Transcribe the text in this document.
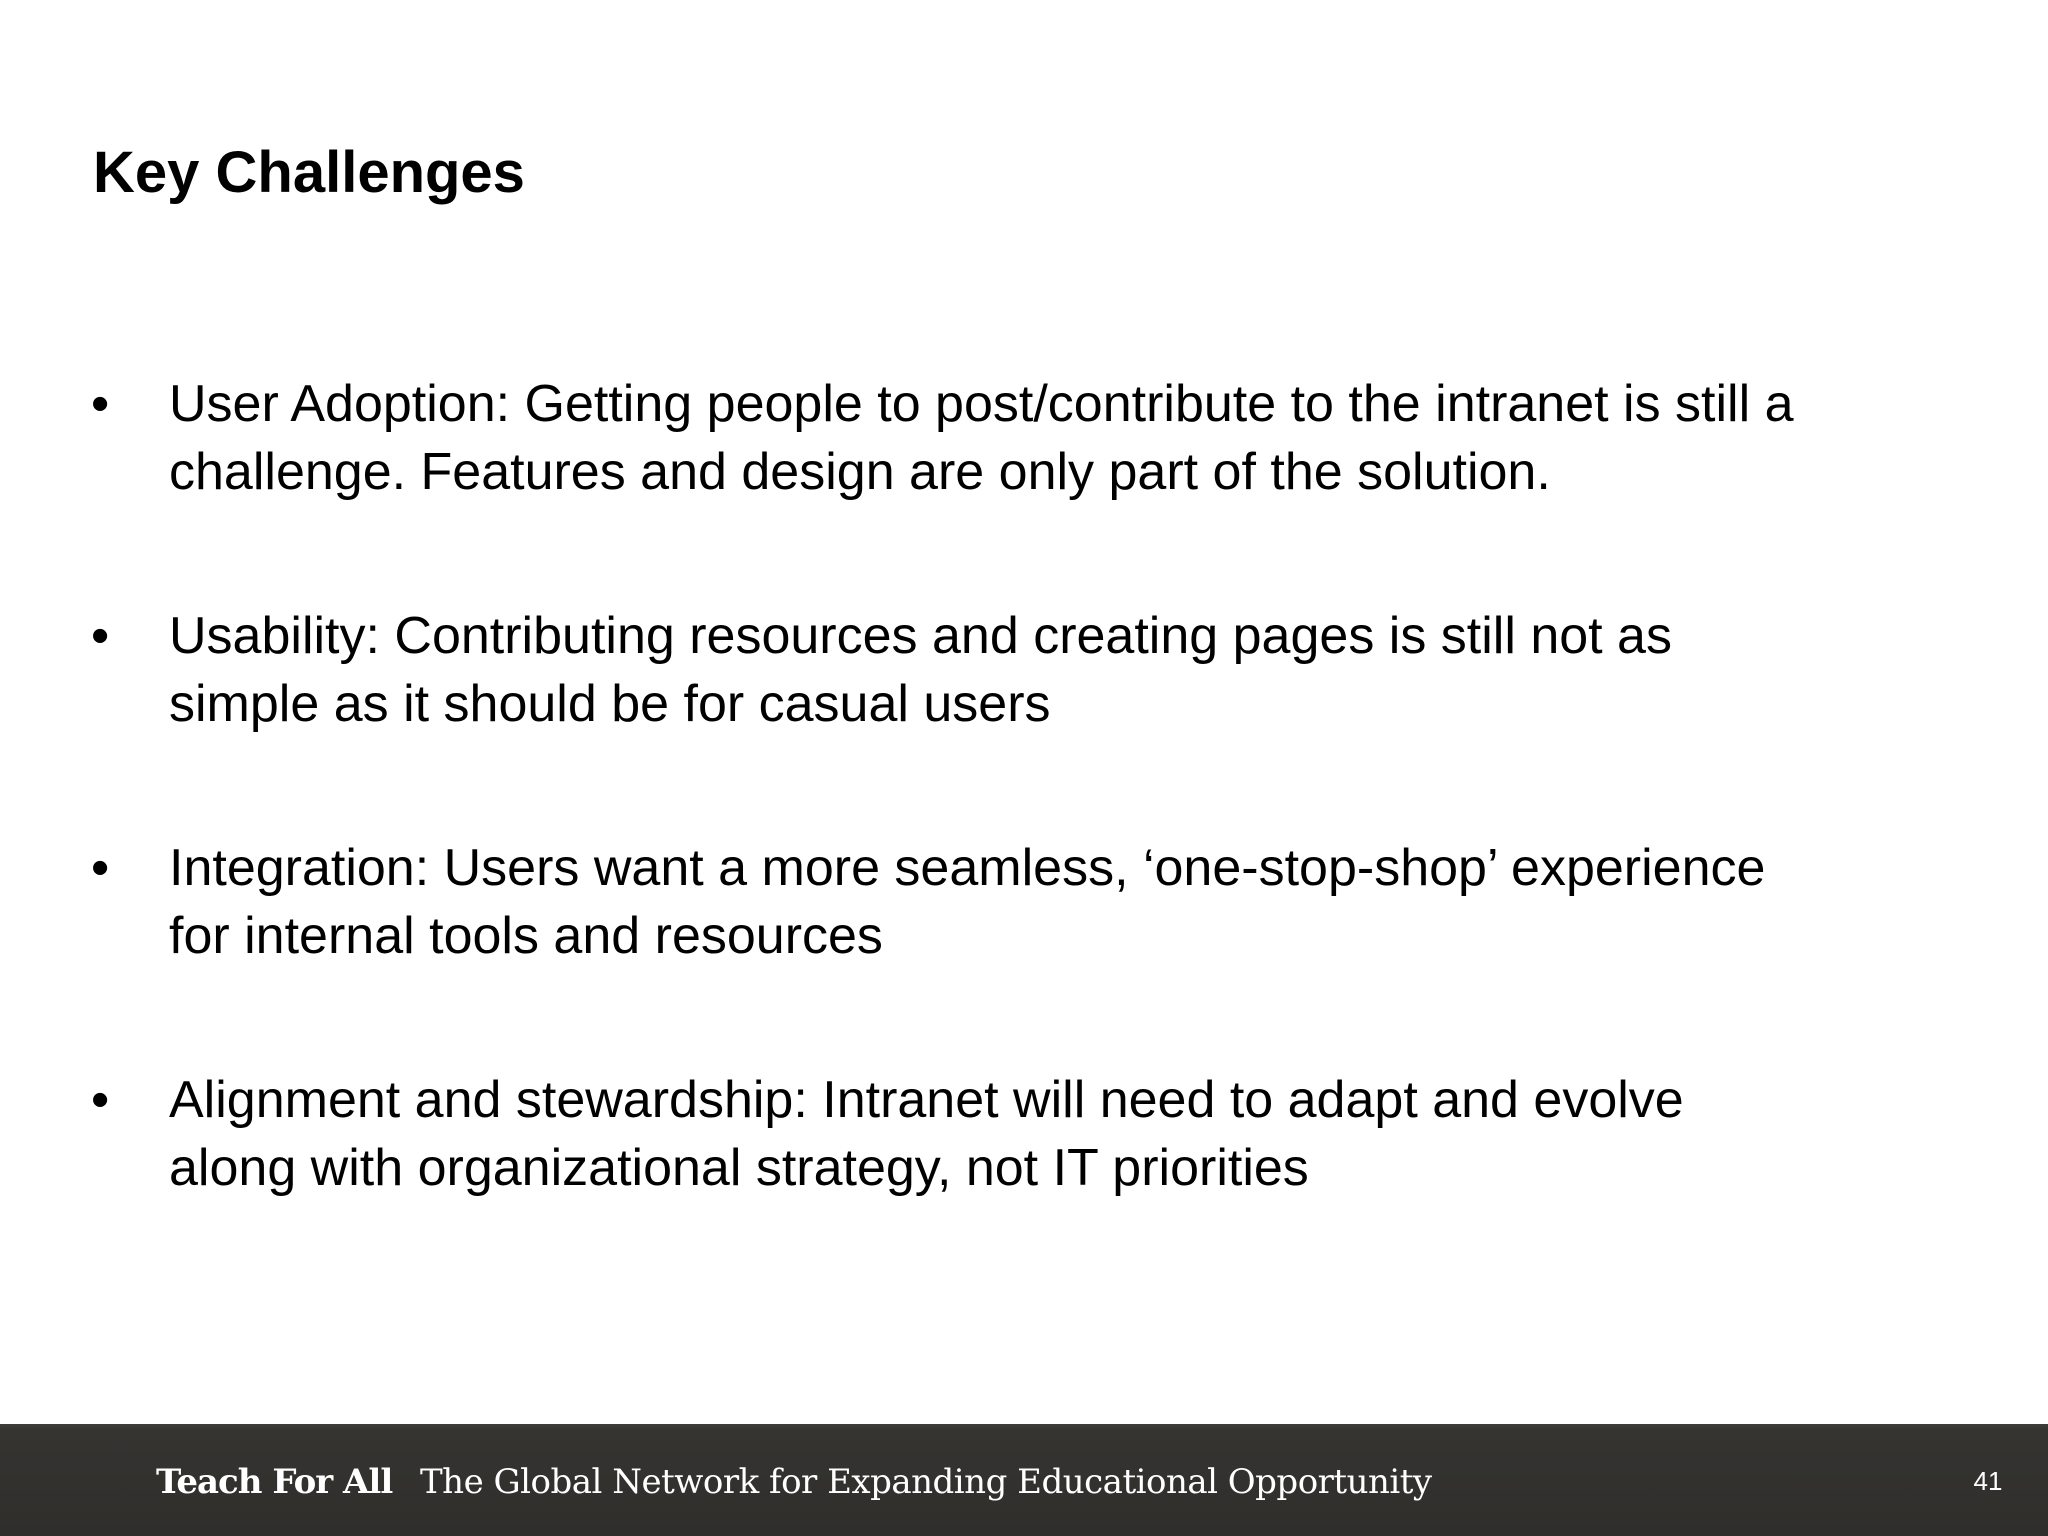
Key Challenges
• User Adoption: Getting people to post/contribute to the intranet is still a
challenge. Features and design are only part of the solution.
• Usability: Contributing resources and creating pages is still not as
simple as it should be for casual users
• Integration: Users want a more seamless, ‘one-stop-shop’ experience
for internal tools and resources
• Alignment and stewardship: Intranet will need to adapt and evolve
along with organizational strategy, not IT priorities
Teach For All The Global Network for Expanding Educational Opportunity	41
